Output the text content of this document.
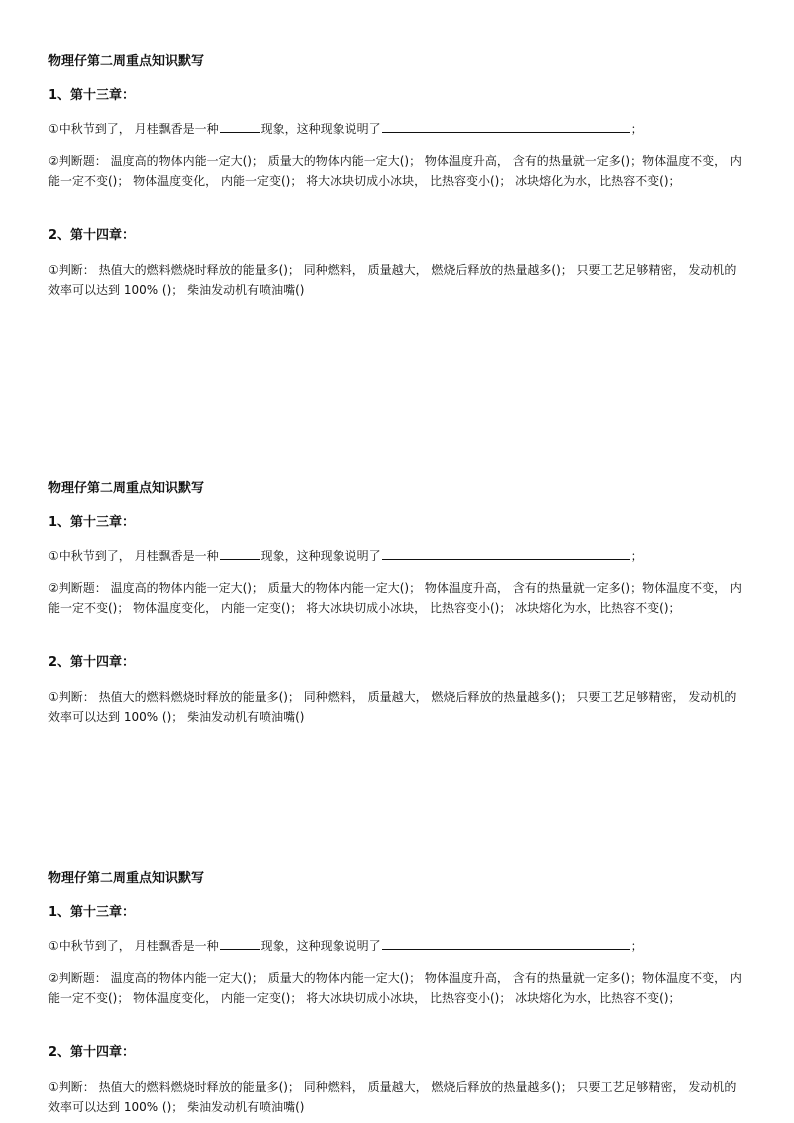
物理仔第二周重点知识默写
1、第十三章：
①中秋节到了， 月桂飘香是一种	现象，这种现象说明了	；
②判断题： 温度高的物体内能一定大()； 质量大的物体内能一定大()； 物体温度升高， 含有的热量就一定多()；物体温度不变， 内能一定不变()； 物体温度变化， 内能一定变()； 将大冰块切成小冰块， 比热容变小()； 冰块熔化为水，比热容不变()；
2、第十四章：
①判断： 热值大的燃料燃烧时释放的能量多()； 同种燃料， 质量越大， 燃烧后释放的热量越多()； 只要工艺足够精密， 发动机的效率可以达到 100% ()； 柴油发动机有喷油嘴()
物理仔第二周重点知识默写
1、第十三章：
①中秋节到了， 月桂飘香是一种	现象，这种现象说明了	；
②判断题： 温度高的物体内能一定大()； 质量大的物体内能一定大()； 物体温度升高， 含有的热量就一定多()；物体温度不变， 内能一定不变()； 物体温度变化， 内能一定变()； 将大冰块切成小冰块， 比热容变小()； 冰块熔化为水，比热容不变()；
2、第十四章：
①判断： 热值大的燃料燃烧时释放的能量多()； 同种燃料， 质量越大， 燃烧后释放的热量越多()； 只要工艺足够精密， 发动机的效率可以达到 100% ()； 柴油发动机有喷油嘴()
物理仔第二周重点知识默写
1、第十三章：
①中秋节到了， 月桂飘香是一种	现象，这种现象说明了	；
②判断题： 温度高的物体内能一定大()； 质量大的物体内能一定大()； 物体温度升高， 含有的热量就一定多()；物体温度不变， 内能一定不变()； 物体温度变化， 内能一定变()； 将大冰块切成小冰块， 比热容变小()； 冰块熔化为水，比热容不变()；
2、第十四章：
①判断： 热值大的燃料燃烧时释放的能量多()； 同种燃料， 质量越大， 燃烧后释放的热量越多()； 只要工艺足够精密， 发动机的效率可以达到 100% ()； 柴油发动机有喷油嘴()
